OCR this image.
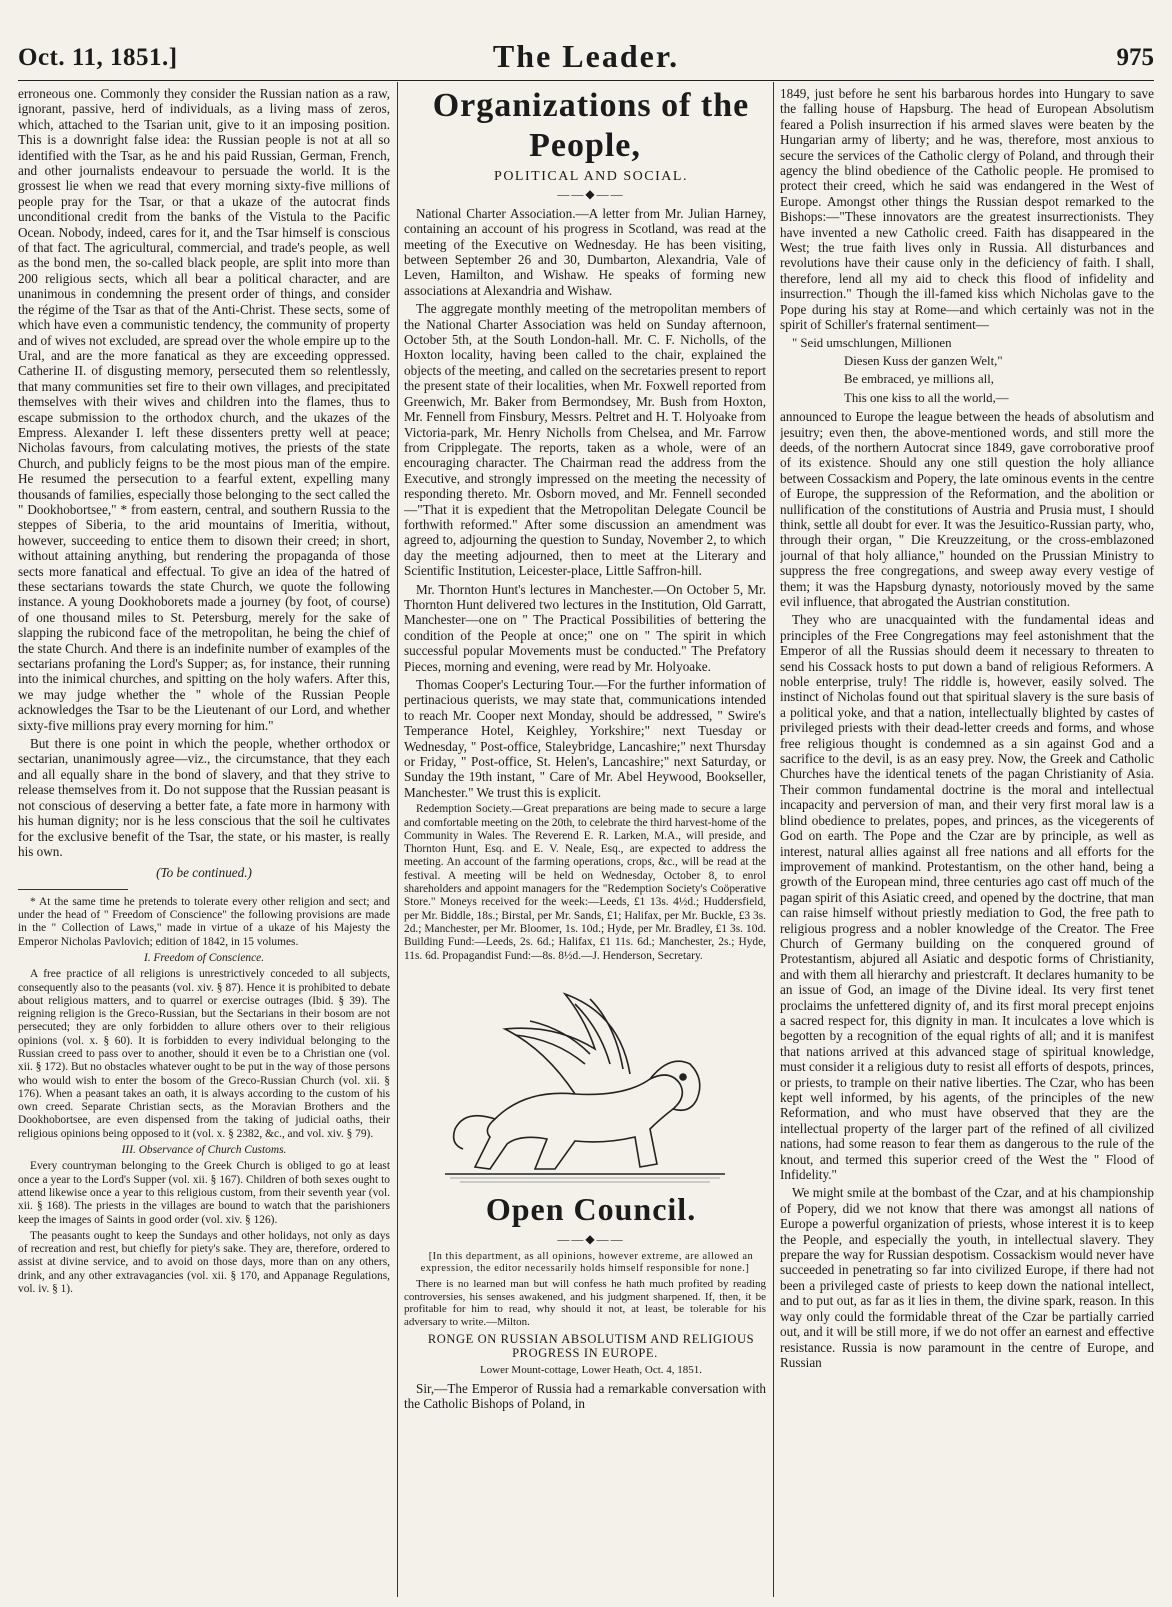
Oct. 11, 1851.]	The Leader.	975

erroneous one. Commonly they consider the Russian nation as a raw, ignorant, passive, herd of individuals, as a living mass of zeros, which, attached to the Tsarian unit, give to it an imposing position. This is a downright false idea: the Russian people is not at all so identified with the Tsar, as he and his paid Russian, German, French, and other journalists endeavour to persuade the world. It is the grossest lie when we read that every morning sixty-five millions of people pray for the Tsar, or that a ukaze of the autocrat finds unconditional credit from the banks of the Vistula to the Pacific Ocean. Nobody, indeed, cares for it, and the Tsar himself is conscious of that fact. The agricultural, commercial, and trade's people, as well as the bond men, the so-called black people, are split into more than 200 religious sects, which all bear a political character, and are unanimous in condemning the present order of things, and consider the régime of the Tsar as that of the Anti-Christ. These sects, some of which have even a communistic tendency, the community of property and of wives not excluded, are spread over the whole empire up to the Ural, and are the more fanatical as they are exceeding oppressed. Catherine II. of disgusting memory, persecuted them so relentlessly, that many communities set fire to their own villages, and precipitated themselves with their wives and children into the flames, thus to escape submission to the orthodox church, and the ukazes of the Empress. Alexander I. left these dissenters pretty well at peace; Nicholas favours, from calculating motives, the priests of the state Church, and publicly feigns to be the most pious man of the empire. He resumed the persecution to a fearful extent, expelling many thousands of families, especially those belonging to the sect called the " Dookhobortsee," * from eastern, central, and southern Russia to the steppes of Siberia, to the arid mountains of Imeritia, without, however, succeeding to entice them to disown their creed; in short, without attaining anything, but rendering the propaganda of those sects more fanatical and effectual. To give an idea of the hatred of these sectarians towards the state Church, we quote the following instance. A young Dookhoborets made a journey (by foot, of course) of one thousand miles to St. Petersburg, merely for the sake of slapping the rubicond face of the metropolitan, he being the chief of the state Church. And there is an indefinite number of examples of the sectarians profaning the Lord's Supper; as, for instance, their running into the inimical churches, and spitting on the holy wafers. After this, we may judge whether the " whole of the Russian People acknowledges the Tsar to be the Lieutenant of our Lord, and whether sixty-five millions pray every morning for him."

But there is one point in which the people, whether orthodox or sectarian, unanimously agree—viz., the circumstance, that they each and all equally share in the bond of slavery, and that they strive to release themselves from it. Do not suppose that the Russian peasant is not conscious of deserving a better fate, a fate more in harmony with his human dignity; nor is he less conscious that the soil he cultivates for the exclusive benefit of the Tsar, the state, or his master, is really his own.

(To be continued.)

* At the same time he pretends to tolerate every other religion and sect; and under the head of " Freedom of Conscience" the following provisions are made in the " Collection of Laws," made in virtue of a ukaze of his Majesty the Emperor Nicholas Pavlovich; edition of 1842, in 15 volumes.

I. Freedom of Conscience.

A free practice of all religions is unrestrictively conceded to all subjects, consequently also to the peasants (vol. xiv. § 87). Hence it is prohibited to debate about religious matters, and to quarrel or exercise outrages (Ibid. § 39). The reigning religion is the Greco-Russian, but the Sectarians in their bosom are not persecuted; they are only forbidden to allure others over to their religious opinions (vol. x. § 60). It is forbidden to every individual belonging to the Russian creed to pass over to another, should it even be to a Christian one (vol. xii. § 172). But no obstacles whatever ought to be put in the way of those persons who would wish to enter the bosom of the Greco-Russian Church (vol. xii. § 176). When a peasant takes an oath, it is always according to the custom of his own creed. Separate Christian sects, as the Moravian Brothers and the Dookhobortsee, are even dispensed from the taking of judicial oaths, their religious opinions being opposed to it (vol. x. § 2382, &c., and vol. xiv. § 79).

III. Observance of Church Customs.

Every countryman belonging to the Greek Church is obliged to go at least once a year to the Lord's Supper (vol. xii. § 167). Children of both sexes ought to attend likewise once a year to this religious custom, from their seventh year (vol. xii. § 168). The priests in the villages are bound to watch that the parishioners keep the images of Saints in good order (vol. xiv. § 126).

The peasants ought to keep the Sundays and other holidays, not only as days of recreation and rest, but chiefly for piety's sake. They are, therefore, ordered to assist at divine service, and to avoid on those days, more than on any others, drink, and any other extravagancies (vol. xii. § 170, and Appanage Regulations, vol. iv. § 1).

Organizations of the People,

POLITICAL AND SOCIAL.

——◆——

National Charter Association.—A letter from Mr. Julian Harney, containing an account of his progress in Scotland, was read at the meeting of the Executive on Wednesday. He has been visiting, between September 26 and 30, Dumbarton, Alexandria, Vale of Leven, Hamilton, and Wishaw. He speaks of forming new associations at Alexandria and Wishaw.

The aggregate monthly meeting of the metropolitan members of the National Charter Association was held on Sunday afternoon, October 5th, at the South London-hall. Mr. C. F. Nicholls, of the Hoxton locality, having been called to the chair, explained the objects of the meeting, and called on the secretaries present to report the present state of their localities, when Mr. Foxwell reported from Greenwich, Mr. Baker from Bermondsey, Mr. Bush from Hoxton, Mr. Fennell from Finsbury, Messrs. Peltret and H. T. Holyoake from Victoria-park, Mr. Henry Nicholls from Chelsea, and Mr. Farrow from Cripplegate. The reports, taken as a whole, were of an encouraging character. The Chairman read the address from the Executive, and strongly impressed on the meeting the necessity of responding thereto. Mr. Osborn moved, and Mr. Fennell seconded—"That it is expedient that the Metropolitan Delegate Council be forthwith reformed." After some discussion an amendment was agreed to, adjourning the question to Sunday, November 2, to which day the meeting adjourned, then to meet at the Literary and Scientific Institution, Leicester-place, Little Saffron-hill.

Mr. Thornton Hunt's lectures in Manchester.—On October 5, Mr. Thornton Hunt delivered two lectures in the Institution, Old Garratt, Manchester—one on " The Practical Possibilities of bettering the condition of the People at once;" one on " The spirit in which successful popular Movements must be conducted." The Prefatory Pieces, morning and evening, were read by Mr. Holyoake.

Thomas Cooper's Lecturing Tour.—For the further information of pertinacious querists, we may state that, communications intended to reach Mr. Cooper next Monday, should be addressed, " Swire's Temperance Hotel, Keighley, Yorkshire;" next Tuesday or Wednesday, " Post-office, Staleybridge, Lancashire;" next Thursday or Friday, " Post-office, St. Helen's, Lancashire;" next Saturday, or Sunday the 19th instant, " Care of Mr. Abel Heywood, Bookseller, Manchester." We trust this is explicit.

Redemption Society.—Great preparations are being made to secure a large and comfortable meeting on the 20th, to celebrate the third harvest-home of the Community in Wales. The Reverend E. R. Larken, M.A., will preside, and Thornton Hunt, Esq. and E. V. Neale, Esq., are expected to address the meeting. An account of the farming operations, crops, &c., will be read at the festival. A meeting will be held on Wednesday, October 8, to enrol shareholders and appoint managers for the "Redemption Society's Coöperative Store." Moneys received for the week:—Leeds, £1 13s. 4½d.; Huddersfield, per Mr. Biddle, 18s.; Birstal, per Mr. Sands, £1; Halifax, per Mr. Buckle, £3 3s. 2d.; Manchester, per Mr. Bloomer, 1s. 10d.; Hyde, per Mr. Bradley, £1 3s. 10d. Building Fund:—Leeds, 2s. 6d.; Halifax, £1 11s. 6d.; Manchester, 2s.; Hyde, 11s. 6d. Propagandist Fund:—8s. 8½d.—J. Henderson, Secretary.

Open Council.

——◆——

[In this department, as all opinions, however extreme, are allowed an expression, the editor necessarily holds himself responsible for none.]

There is no learned man but will confess he hath much profited by reading controversies, his senses awakened, and his judgment sharpened. If, then, it be profitable for him to read, why should it not, at least, be tolerable for his adversary to write.—Milton.

RONGE ON RUSSIAN ABSOLUTISM AND RELIGIOUS PROGRESS IN EUROPE.

Lower Mount-cottage, Lower Heath, Oct. 4, 1851.

Sir,—The Emperor of Russia had a remarkable conversation with the Catholic Bishops of Poland, in

1849, just before he sent his barbarous hordes into Hungary to save the falling house of Hapsburg. The head of European Absolutism feared a Polish insurrection if his armed slaves were beaten by the Hungarian army of liberty; and he was, therefore, most anxious to secure the services of the Catholic clergy of Poland, and through their agency the blind obedience of the Catholic people. He promised to protect their creed, which he said was endangered in the West of Europe. Amongst other things the Russian despot remarked to the Bishops:—"These innovators are the greatest insurrectionists. They have invented a new Catholic creed. Faith has disappeared in the West; the true faith lives only in Russia. All disturbances and revolutions have their cause only in the deficiency of faith. I shall, therefore, lend all my aid to check this flood of infidelity and insurrection." Though the ill-famed kiss which Nicholas gave to the Pope during his stay at Rome—and which certainly was not in the spirit of Schiller's fraternal sentiment—

" Seid umschlungen, Millionen

Diesen Kuss der ganzen Welt,"

Be embraced, ye millions all,

This one kiss to all the world,—

announced to Europe the league between the heads of absolutism and jesuitry; even then, the above-mentioned words, and still more the deeds, of the northern Autocrat since 1849, gave corroborative proof of its existence. Should any one still question the holy alliance between Cossackism and Popery, the late ominous events in the centre of Europe, the suppression of the Reformation, and the abolition or nullification of the constitutions of Austria and Prusia must, I should think, settle all doubt for ever. It was the Jesuitico-Russian party, who, through their organ, " Die Kreuzzeitung, or the cross-emblazoned journal of that holy alliance," hounded on the Prussian Ministry to suppress the free congregations, and sweep away every vestige of them; it was the Hapsburg dynasty, notoriously moved by the same evil influence, that abrogated the Austrian constitution.

They who are unacquainted with the fundamental ideas and principles of the Free Congregations may feel astonishment that the Emperor of all the Russias should deem it necessary to threaten to send his Cossack hosts to put down a band of religious Reformers. A noble enterprise, truly! The riddle is, however, easily solved. The instinct of Nicholas found out that spiritual slavery is the sure basis of a political yoke, and that a nation, intellectually blighted by castes of privileged priests with their dead-letter creeds and forms, and whose free religious thought is condemned as a sin against God and a sacrifice to the devil, is as an easy prey. Now, the Greek and Catholic Churches have the identical tenets of the pagan Christianity of Asia. Their common fundamental doctrine is the moral and intellectual incapacity and perversion of man, and their very first moral law is a blind obedience to prelates, popes, and princes, as the vicegerents of God on earth. The Pope and the Czar are by principle, as well as interest, natural allies against all free nations and all efforts for the improvement of mankind. Protestantism, on the other hand, being a growth of the European mind, three centuries ago cast off much of the pagan spirit of this Asiatic creed, and opened by the doctrine, that man can raise himself without priestly mediation to God, the free path to religious progress and a nobler knowledge of the Creator. The Free Church of Germany building on the conquered ground of Protestantism, abjured all Asiatic and despotic forms of Christianity, and with them all hierarchy and priestcraft. It declares humanity to be an issue of God, an image of the Divine ideal. Its very first tenet proclaims the unfettered dignity of, and its first moral precept enjoins a sacred respect for, this dignity in man. It inculcates a love which is begotten by a recognition of the equal rights of all; and it is manifest that nations arrived at this advanced stage of spiritual knowledge, must consider it a religious duty to resist all efforts of despots, princes, or priests, to trample on their native liberties. The Czar, who has been kept well informed, by his agents, of the principles of the new Reformation, and who must have observed that they are the intellectual property of the larger part of the refined of all civilized nations, had some reason to fear them as dangerous to the rule of the knout, and termed this superior creed of the West the " Flood of Infidelity."

We might smile at the bombast of the Czar, and at his championship of Popery, did we not know that there was amongst all nations of Europe a powerful organization of priests, whose interest it is to keep the People, and especially the youth, in intellectual slavery. They prepare the way for Russian despotism. Cossackism would never have succeeded in penetrating so far into civilized Europe, if there had not been a privileged caste of priests to keep down the national intellect, and to put out, as far as it lies in them, the divine spark, reason. In this way only could the formidable threat of the Czar be partially carried out, and it will be still more, if we do not offer an earnest and effective resistance. Russia is now paramount in the centre of Europe, and Russian
